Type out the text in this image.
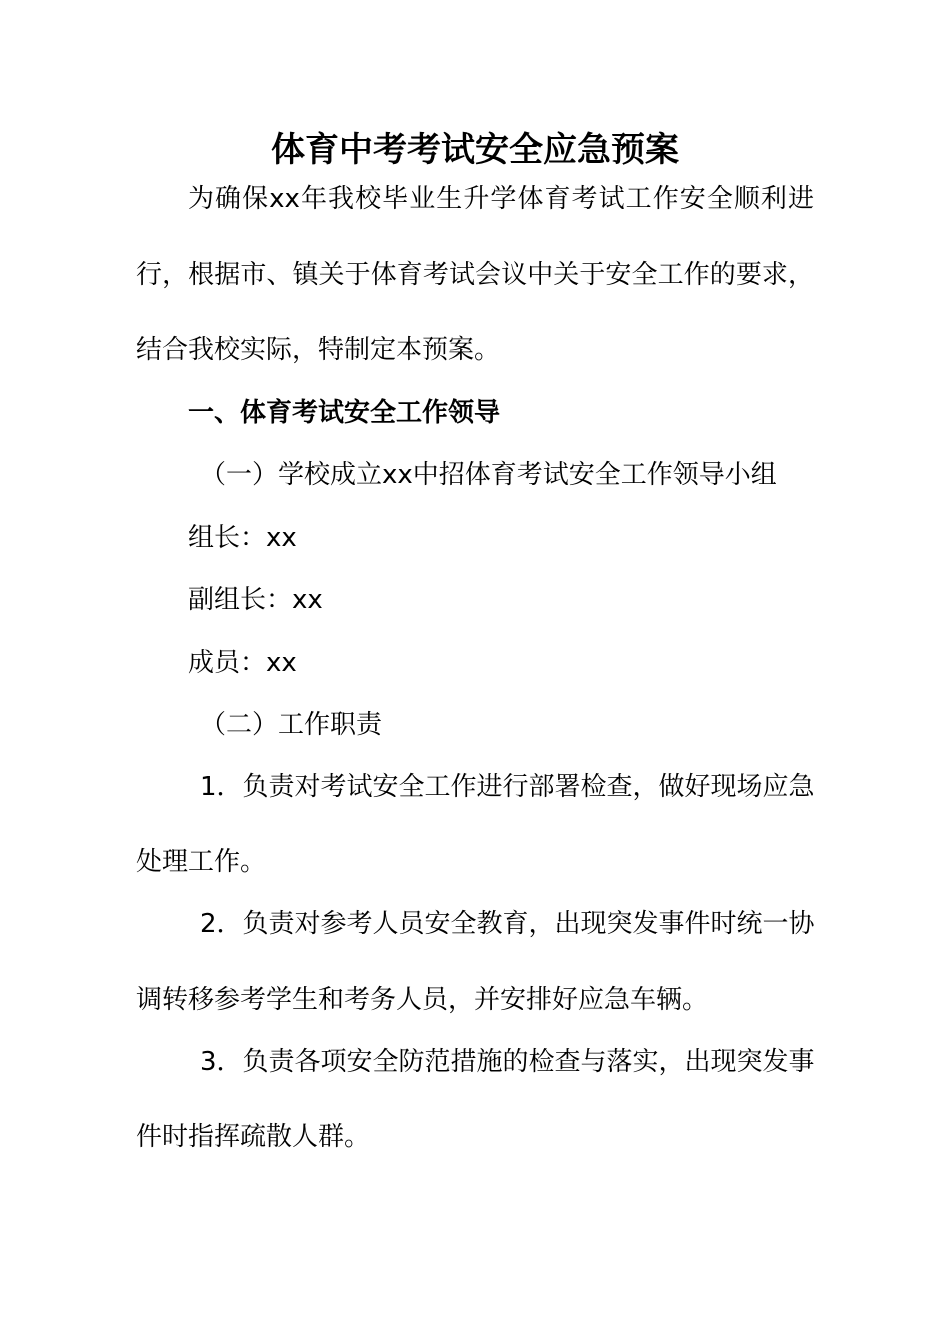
体育中考考试安全应急预案
为确保xx年我校毕业生升学体育考试工作安全顺利进
行，根据市、镇关于体育考试会议中关于安全工作的要求，
结合我校实际，特制定本预案。
一、体育考试安全工作领导
（一）学校成立xx中招体育考试安全工作领导小组
组长：xx
副组长：xx
成员：xx
（二）工作职责
1．负责对考试安全工作进行部署检查，做好现场应急
处理工作。
2．负责对参考人员安全教育，出现突发事件时统一协
调转移参考学生和考务人员，并安排好应急车辆。
3．负责各项安全防范措施的检查与落实，出现突发事
件时指挥疏散人群。
